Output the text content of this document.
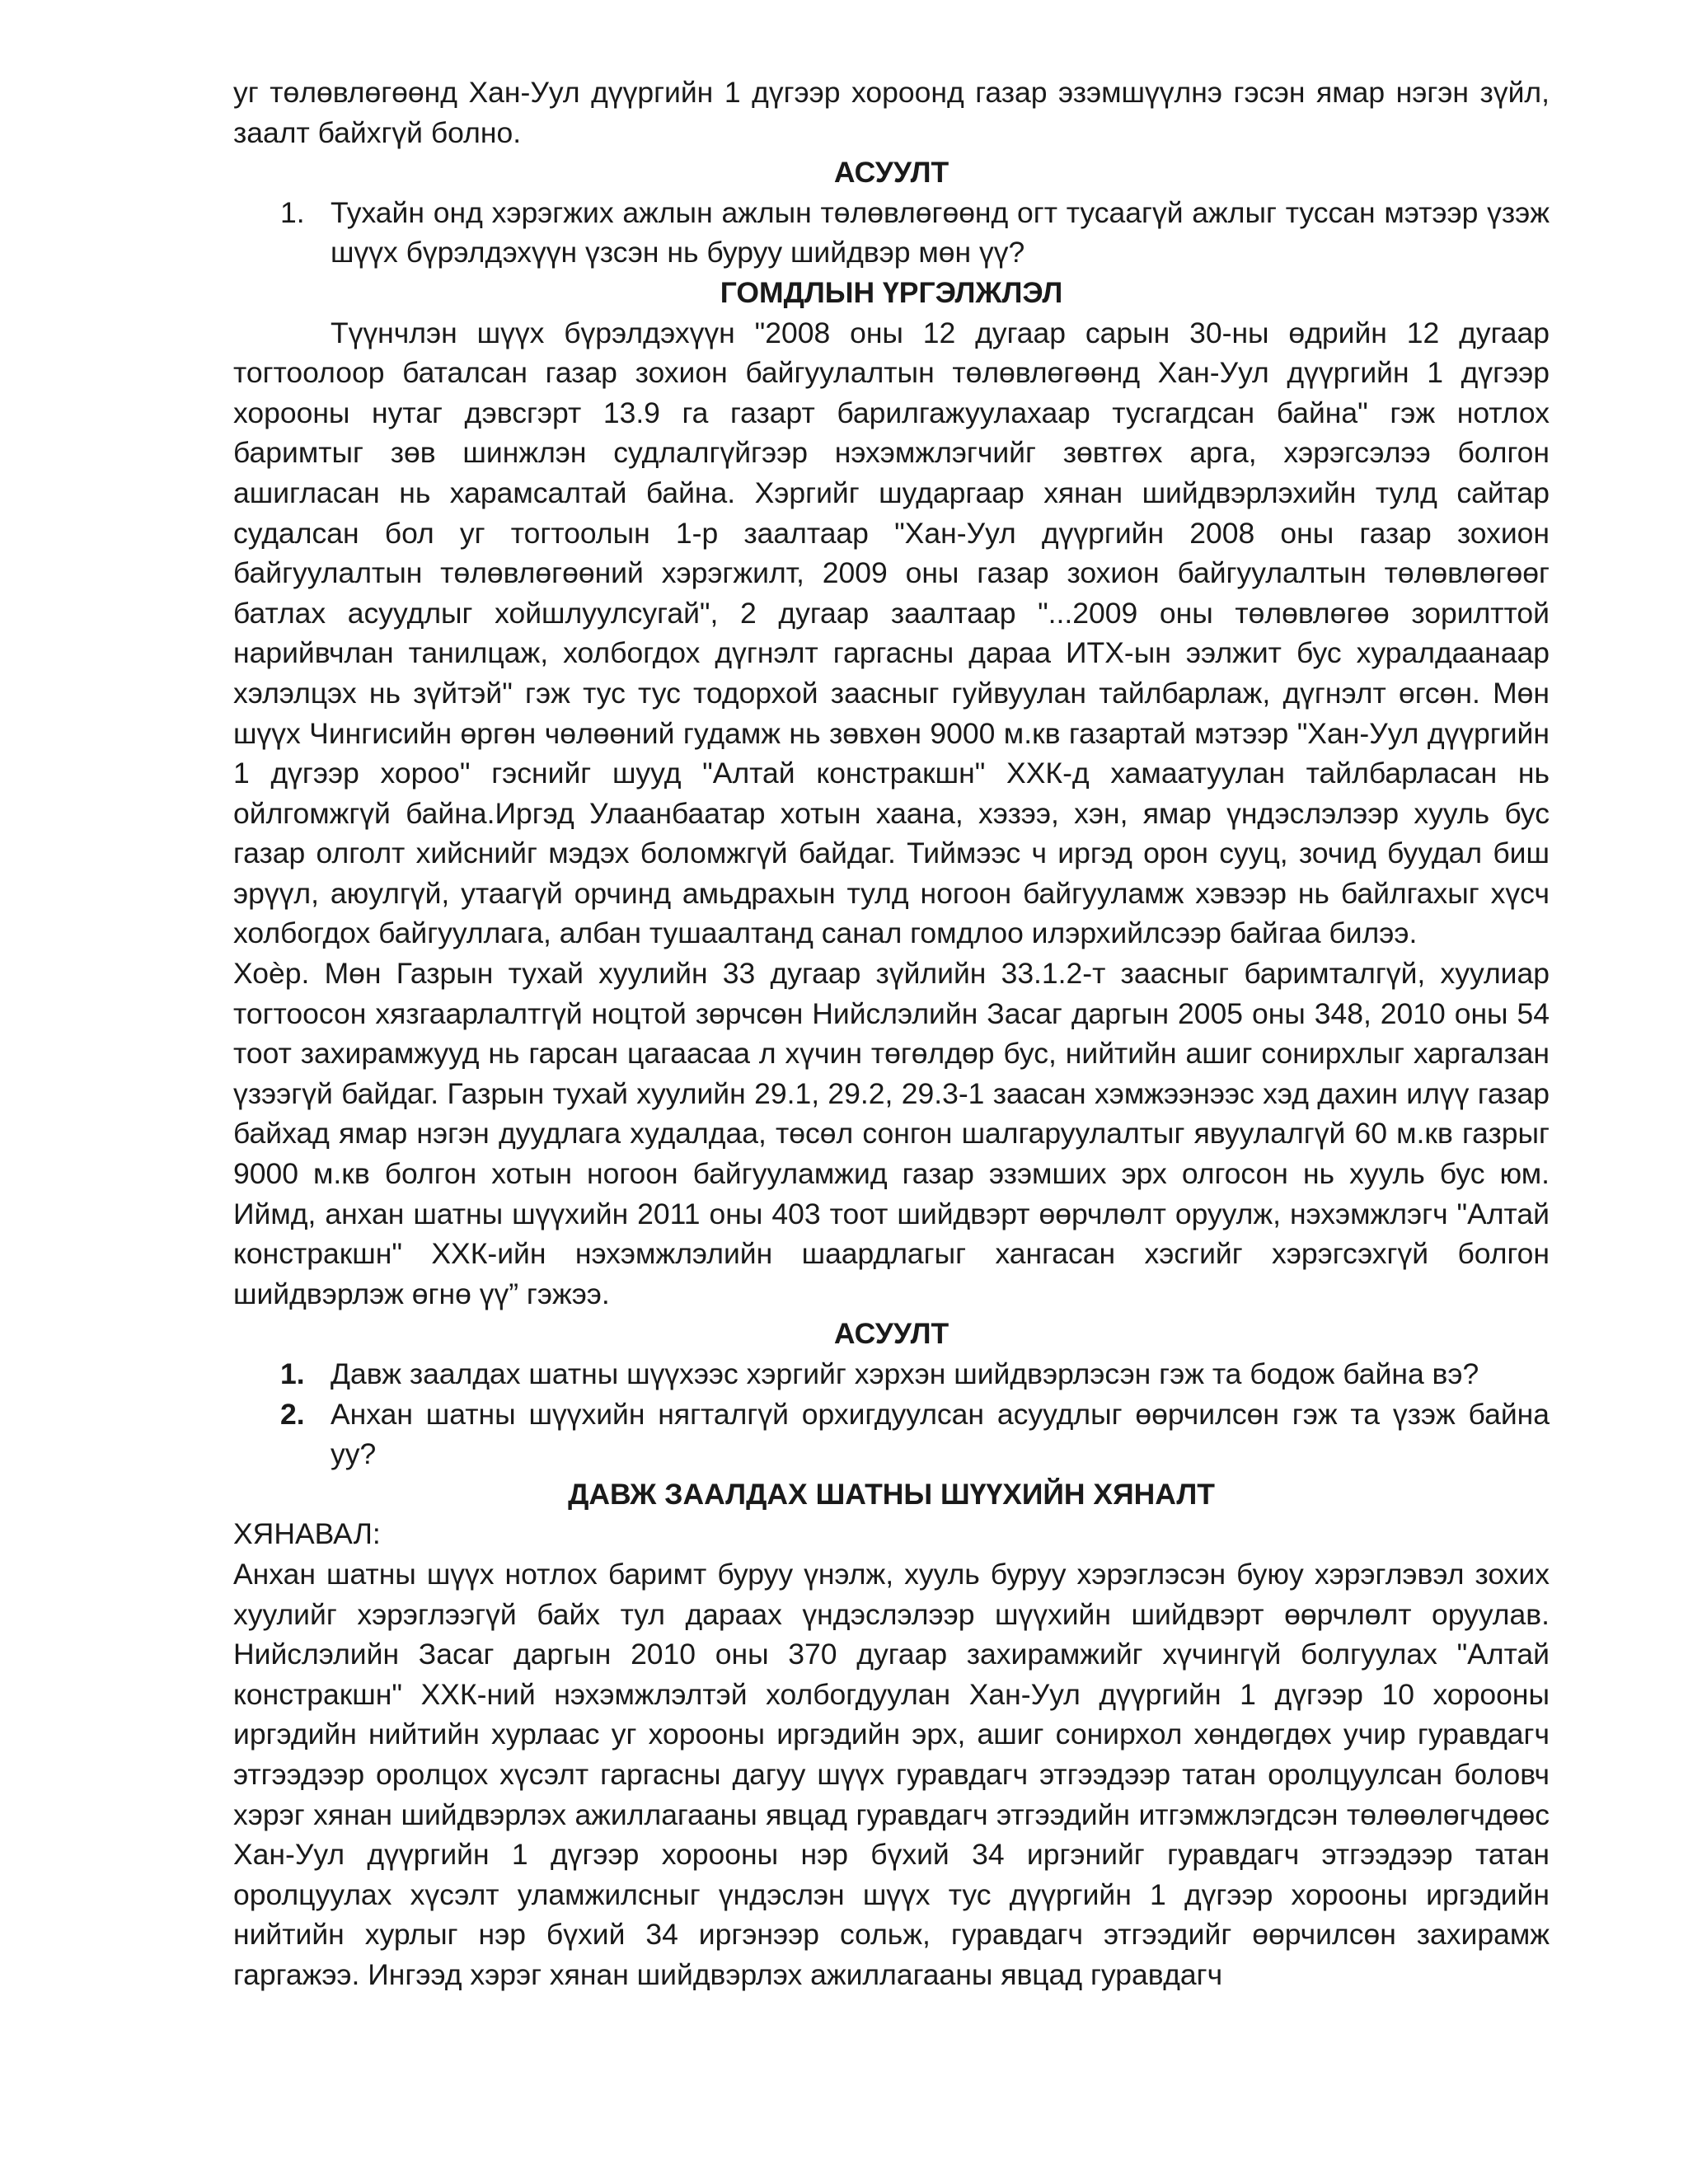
уг төлөвлөгөөнд Хан-Уул дүүргийн 1 дүгээр хороонд газар эзэмшүүлнэ гэсэн ямар нэгэн зүйл, заалт байхгүй болно.

АСУУЛТ

1. Тухайн онд хэрэгжих ажлын ажлын төлөвлөгөөнд огт тусаагүй ажлыг туссан мэтээр үзэж шүүх бүрэлдэхүүн үзсэн нь буруу шийдвэр мөн үү?

ГОМДЛЫН ҮРГЭЛЖЛЭЛ

Түүнчлэн шүүх бүрэлдэхүүн "2008 оны 12 дугаар сарын 30-ны өдрийн 12 дугаар тогтоолоор баталсан газар зохион байгуулалтын төлөвлөгөөнд Хан-Уул дүүргийн 1 дүгээр хорооны нутаг дэвсгэрт 13.9 га газарт барилгажуулахаар тусгагдсан байна" гэж нотлох баримтыг зөв шинжлэн судлалгүйгээр нэхэмжлэгчийг зөвтгөх арга, хэрэгсэлээ болгон ашигласан нь харамсалтай байна. Хэргийг шударгаар хянан шийдвэрлэхийн тулд сайтар судалсан бол уг тогтоолын 1-р заалтаар "Хан-Уул дүүргийн 2008 оны газар зохион байгуулалтын төлөвлөгөөний хэрэгжилт, 2009 оны газар зохион байгуулалтын төлөвлөгөөг батлах асуудлыг хойшлуулсугай", 2 дугаар заалтаар "...2009 оны төлөвлөгөө зорилттой нарийвчлан танилцаж, холбогдох дүгнэлт гаргасны дараа ИТХ-ын ээлжит бус хуралдаанаар хэлэлцэх нь зүйтэй" гэж тус тус тодорхой заасныг гуйвуулан тайлбарлаж, дүгнэлт өгсөн. Мөн шүүх Чингисийн өргөн чөлөөний гудамж нь зөвхөн 9000 м.кв газартай мэтээр "Хан-Уул дүүргийн 1 дүгээр хороо" гэснийг шууд "Алтай констракшн" ХХК-д хамаатуулан тайлбарласан нь ойлгомжгүй байна.Иргэд Улаанбаатар хотын хаана, хэзээ, хэн, ямар үндэслэлээр хууль бус газар олголт хийснийг мэдэх боломжгүй байдаг. Тиймээс ч иргэд орон сууц, зочид буудал биш эрүүл, аюулгүй, утаагүй орчинд амьдрахын тулд ногоон байгууламж хэвээр нь байлгахыг хүсч холбогдох байгууллага, албан тушаалтанд санал гомдлоо илэрхийлсээр байгаа билээ.

Хоѐр. Мөн Газрын тухай хуулийн 33 дугаар зүйлийн 33.1.2-т заасныг баримталгүй, хуулиар тогтоосон хязгаарлалтгүй ноцтой зөрчсөн Нийслэлийн Засаг даргын 2005 оны 348, 2010 оны 54 тоот захирамжууд нь гарсан цагаасаа л хүчин төгөлдөр бус, нийтийн ашиг сонирхлыг харгалзан үзээгүй байдаг. Газрын тухай хуулийн 29.1, 29.2, 29.3-1 заасан хэмжээнээс хэд дахин илүү газар байхад ямар нэгэн дуудлага худалдаа, төсөл сонгон шалгаруулалтыг явуулалгүй 60 м.кв газрыг 9000 м.кв болгон хотын ногоон байгууламжид газар эзэмших эрх олгосон нь хууль бус юм. Иймд, анхан шатны шүүхийн 2011 оны 403 тоот шийдвэрт өөрчлөлт оруулж, нэхэмжлэгч "Алтай констракшн" ХХК-ийн нэхэмжлэлийн шаардлагыг хангасан хэсгийг хэрэгсэхгүй болгон шийдвэрлэж өгнө үү” гэжээ.

АСУУЛТ

1. Давж заалдах шатны шүүхээс хэргийг хэрхэн шийдвэрлэсэн гэж та бодож байна вэ?
2. Анхан шатны шүүхийн нягталгүй орхигдуулсан асуудлыг өөрчилсөн гэж та үзэж байна уу?

ДАВЖ ЗААЛДАХ ШАТНЫ ШҮҮХИЙН ХЯНАЛТ

ХЯНАВАЛ:

Анхан шатны шүүх нотлох баримт буруу үнэлж, хууль буруу хэрэглэсэн буюу хэрэглэвэл зохих хуулийг хэрэглээгүй байх тул дараах үндэслэлээр шүүхийн шийдвэрт өөрчлөлт оруулав. Нийслэлийн Засаг даргын 2010 оны 370 дугаар захирамжийг хүчингүй болгуулах "Алтай констракшн" ХХК-ний нэхэмжлэлтэй холбогдуулан Хан-Уул дүүргийн 1 дүгээр 10 хорооны иргэдийн нийтийн хурлаас уг хорооны иргэдийн эрх, ашиг сонирхол хөндөгдөх учир гуравдагч этгээдээр оролцох хүсэлт гаргасны дагуу шүүх гуравдагч этгээдээр татан оролцуулсан боловч хэрэг хянан шийдвэрлэх ажиллагааны явцад гуравдагч этгээдийн итгэмжлэгдсэн төлөөлөгчдөөс Хан-Уул дүүргийн 1 дүгээр хорооны нэр бүхий 34 иргэнийг гуравдагч этгээдээр татан оролцуулах хүсэлт уламжилсныг үндэслэн шүүх тус дүүргийн 1 дүгээр хорооны иргэдийн нийтийн хурлыг нэр бүхий 34 иргэнээр сольж, гуравдагч этгээдийг өөрчилсөн захирамж гаргажээ. Ингээд хэрэг хянан шийдвэрлэх ажиллагааны явцад гуравдагч
